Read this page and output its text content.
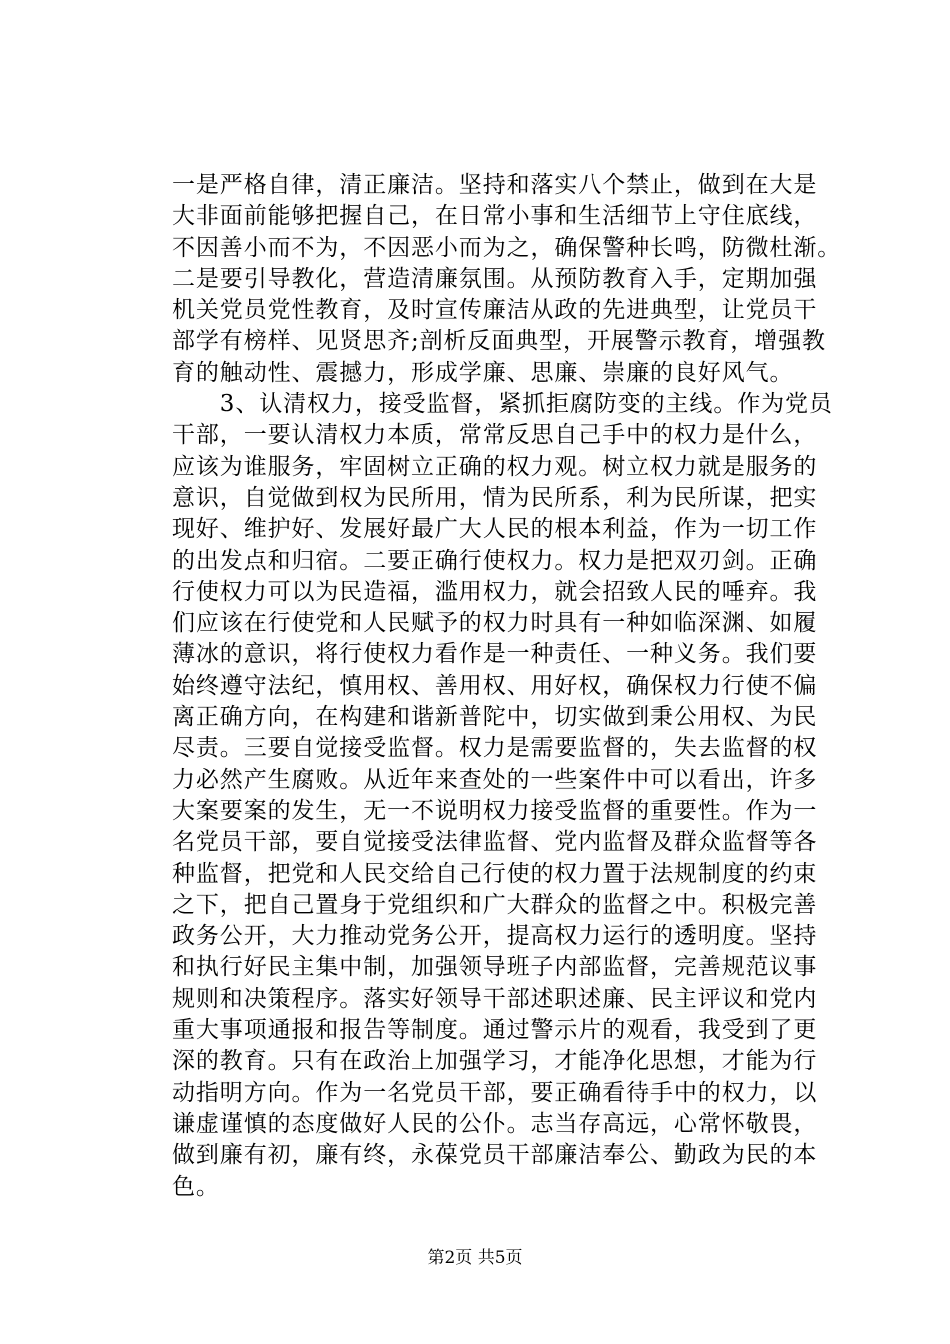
一是严格自律，清正廉洁。坚持和落实八个禁止，做到在大是
大非面前能够把握自己，在日常小事和生活细节上守住底线，
不因善小而不为，不因恶小而为之，确保警种长鸣，防微杜渐。
二是要引导教化，营造清廉氛围。从预防教育入手，定期加强
机关党员党性教育，及时宣传廉洁从政的先进典型，让党员干
部学有榜样、见贤思齐;剖析反面典型，开展警示教育，增强教
育的触动性、震撼力，形成学廉、思廉、崇廉的良好风气。
　　3、认清权力，接受监督，紧抓拒腐防变的主线。作为党员
干部，一要认清权力本质，常常反思自己手中的权力是什么，
应该为谁服务，牢固树立正确的权力观。树立权力就是服务的
意识，自觉做到权为民所用，情为民所系，利为民所谋，把实
现好、维护好、发展好最广大人民的根本利益，作为一切工作
的出发点和归宿。二要正确行使权力。权力是把双刃剑。正确
行使权力可以为民造福，滥用权力，就会招致人民的唾弃。我
们应该在行使党和人民赋予的权力时具有一种如临深渊、如履
薄冰的意识，将行使权力看作是一种责任、一种义务。我们要
始终遵守法纪，慎用权、善用权、用好权，确保权力行使不偏
离正确方向，在构建和谐新普陀中，切实做到秉公用权、为民
尽责。三要自觉接受监督。权力是需要监督的，失去监督的权
力必然产生腐败。从近年来查处的一些案件中可以看出，许多
大案要案的发生，无一不说明权力接受监督的重要性。作为一
名党员干部，要自觉接受法律监督、党内监督及群众监督等各
种监督，把党和人民交给自己行使的权力置于法规制度的约束
之下，把自己置身于党组织和广大群众的监督之中。积极完善
政务公开，大力推动党务公开，提高权力运行的透明度。坚持
和执行好民主集中制，加强领导班子内部监督，完善规范议事
规则和决策程序。落实好领导干部述职述廉、民主评议和党内
重大事项通报和报告等制度。通过警示片的观看，我受到了更
深的教育。只有在政治上加强学习，才能净化思想，才能为行
动指明方向。作为一名党员干部，要正确看待手中的权力，以
谦虚谨慎的态度做好人民的公仆。志当存高远，心常怀敬畏，
做到廉有初，廉有终，永葆党员干部廉洁奉公、勤政为民的本
色。
第2页 共5页
